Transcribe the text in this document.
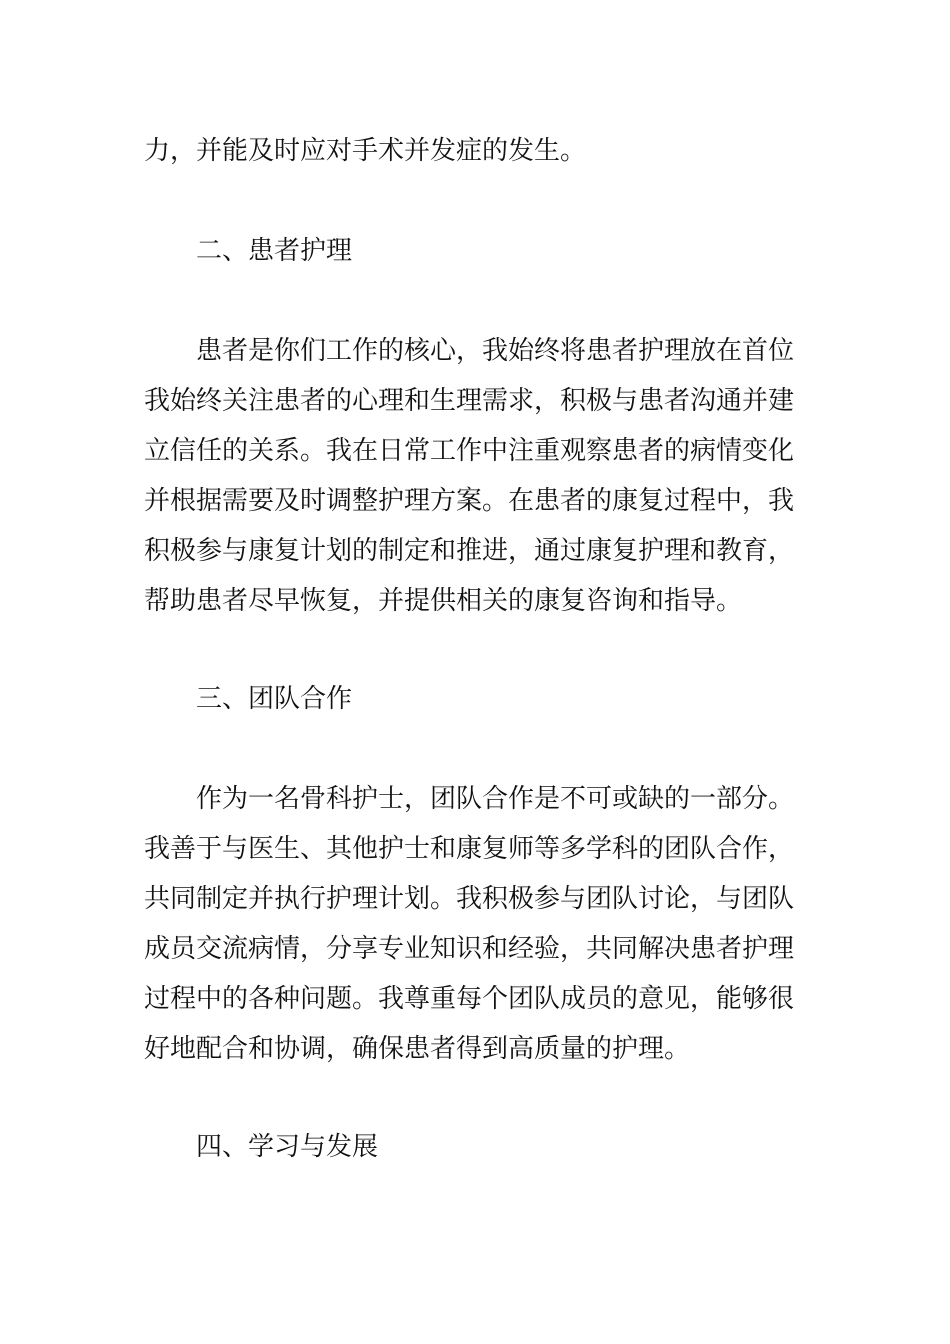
力，并能及时应对手术并发症的发生。
二、患者护理
患者是你们工作的核心，我始终将患者护理放在首位
我始终关注患者的心理和生理需求，积极与患者沟通并建
立信任的关系。我在日常工作中注重观察患者的病情变化
并根据需要及时调整护理方案。在患者的康复过程中，我
积极参与康复计划的制定和推进，通过康复护理和教育，
帮助患者尽早恢复，并提供相关的康复咨询和指导。
三、团队合作
作为一名骨科护士，团队合作是不可或缺的一部分。
我善于与医生、其他护士和康复师等多学科的团队合作，
共同制定并执行护理计划。我积极参与团队讨论，与团队
成员交流病情，分享专业知识和经验，共同解决患者护理
过程中的各种问题。我尊重每个团队成员的意见，能够很
好地配合和协调，确保患者得到高质量的护理。
四、学习与发展
